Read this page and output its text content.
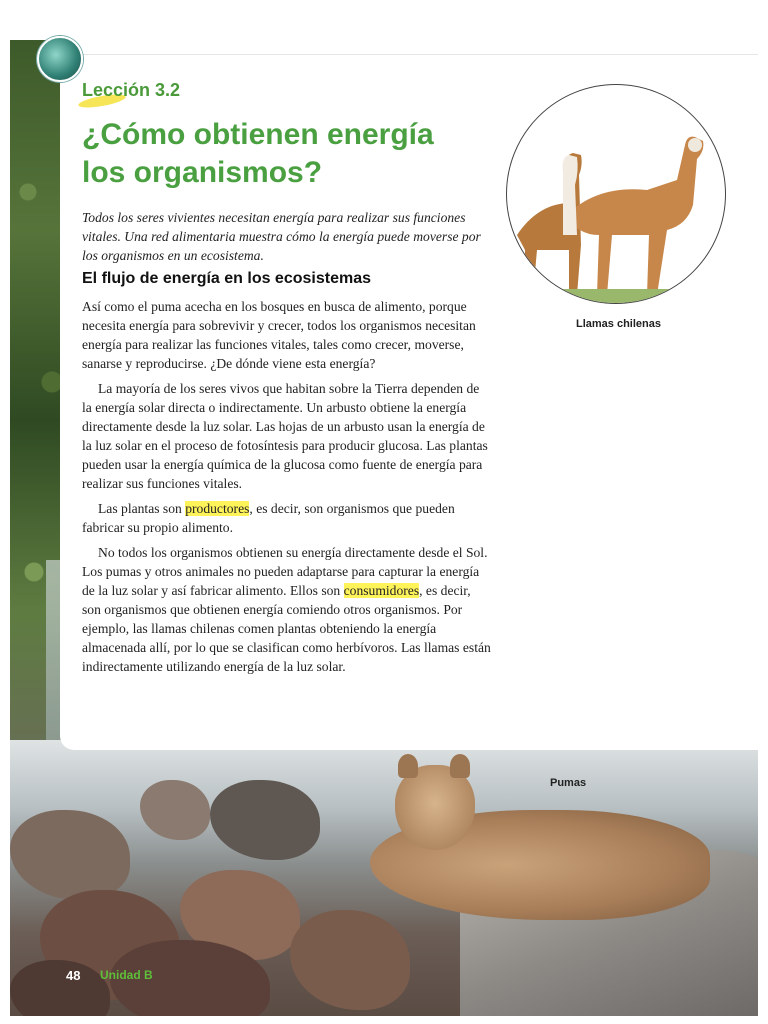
Lección 3.2
¿Cómo obtienen energía
los organismos?
Todos los seres vivientes necesitan energía para realizar sus funciones vitales. Una red alimentaria muestra cómo la energía puede moverse por los organismos en un ecosistema.
El flujo de energía en los ecosistemas

Así como el puma acecha en los bosques en busca de alimento, porque necesita energía para sobrevivir y crecer, todos los organismos necesitan energía para realizar las funciones vitales, tales como crecer, moverse, sanarse y reproducirse. ¿De dónde viene esta energía?

La mayoría de los seres vivos que habitan sobre la Tierra dependen de la energía solar directa o indirectamente. Un arbusto obtiene la energía directamente desde la luz solar. Las hojas de un arbusto usan la energía de la luz solar en el proceso de fotosíntesis para producir glucosa. Las plantas pueden usar la energía química de la glucosa como fuente de energía para realizar sus funciones vitales.

Las plantas son productores, es decir, son organismos que pueden fabricar su propio alimento.

No todos los organismos obtienen su energía directamente desde el Sol. Los pumas y otros animales no pueden adaptarse para capturar la energía de la luz solar y así fabricar alimento. Ellos son consumidores, es decir, son organismos que obtienen energía comiendo otros organismos. Por ejemplo, las llamas chilenas comen plantas obteniendo la energía almacenada allí, por lo que se clasifican como herbívoros. Las llamas están indirectamente utilizando energía de la luz solar.

Llamas chilenas
Pumas
48 Unidad B
